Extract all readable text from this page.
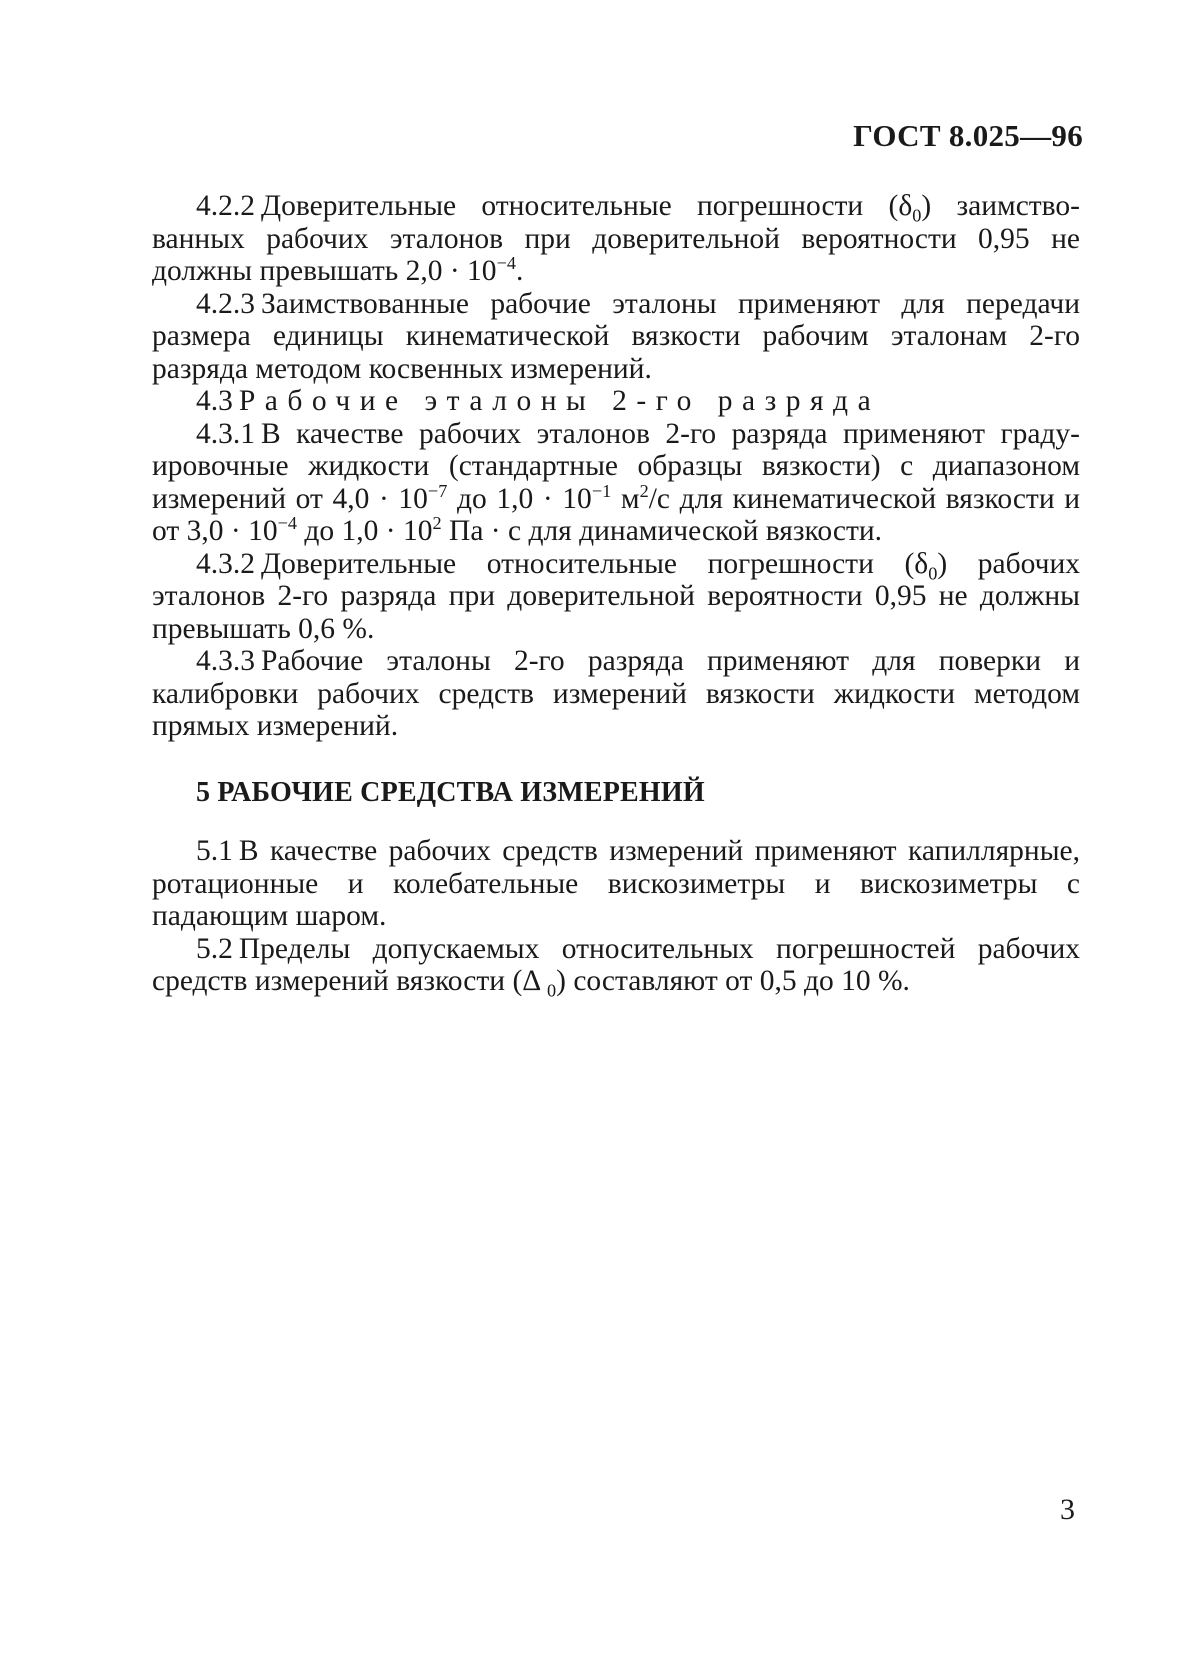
ГОСТ 8.025—96

4.2.2 Доверительные относительные погрешности $(\delta_0)$ заимствованных рабочих эталонов при доверительной вероятности 0,95 не должны превышать $2,0 \cdot 10^{-4}$.

4.2.3 Заимствованные рабочие эталоны применяют для передачи размера единицы кинематической вязкости рабочим эталонам 2-го разряда методом косвенных измерений.

4.3 Рабочие эталоны 2-го разряда

4.3.1 В качестве рабочих эталонов 2-го разряда применяют градуировочные жидкости (стандартные образцы вязкости) с диапазоном измерений от $4,0 \cdot 10^{-7}$ до $1,0 \cdot 10^{-1}$ $м^2/с$ для кинематической вязкости и от $3,0 \cdot 10^{-4}$ до $1,0 \cdot 10^2$ Па · с для динамической вязкости.

4.3.2 Доверительные относительные погрешности $(\delta_0)$ рабочих эталонов 2-го разряда при доверительной вероятности 0,95 не должны превышать 0,6 %.

4.3.3 Рабочие эталоны 2-го разряда применяют для поверки и калибровки рабочих средств измерений вязкости жидкости методом прямых измерений.

5 РАБОЧИЕ СРЕДСТВА ИЗМЕРЕНИЙ

5.1 В качестве рабочих средств измерений применяют капиллярные, ротационные и колебательные вискозиметры и вискозиметры с падающим шаром.

5.2 Пределы допускаемых относительных погрешностей рабочих средств измерений вязкости (Δ $_0$) составляют от 0,5 до 10 %.

3
